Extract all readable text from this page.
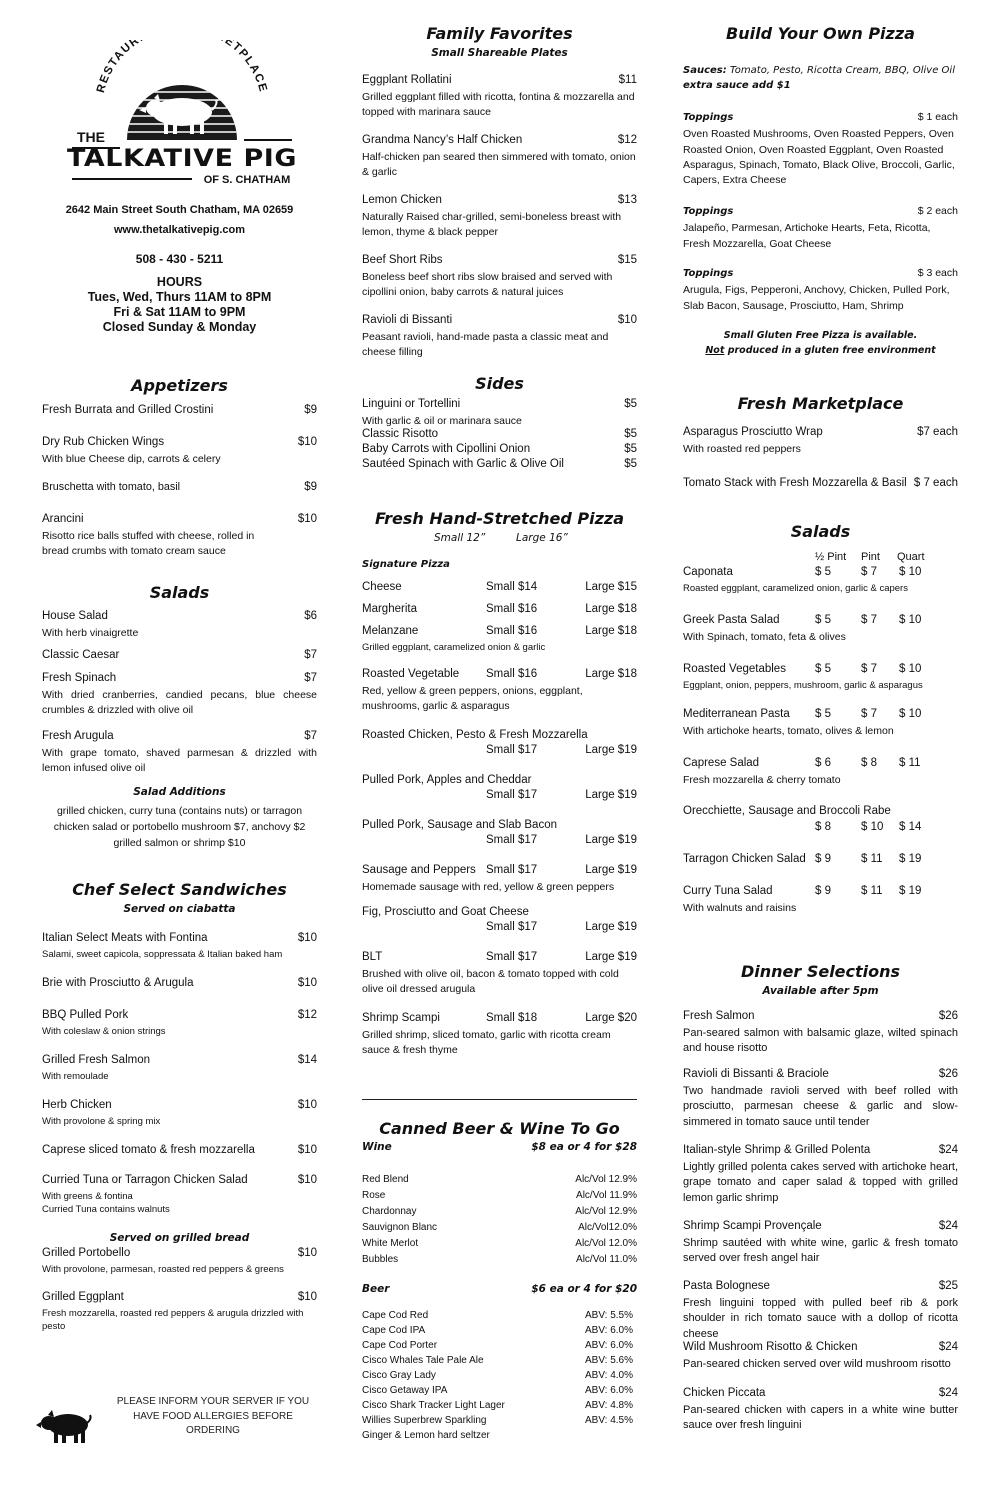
RESTAUR ETPLACE
THE
TALKATIVE PIG
OF S. CHATHAM
2642 Main Street South Chatham, MA 02659
www.thetalkativepig.com
508 - 430 - 5211
HOURS
Tues, Wed, Thurs 11AM to 8PM
Fri & Sat 11AM to 9PM
Closed Sunday & Monday
Appetizers
Fresh Burrata and Grilled Crostini	$9
Dry Rub Chicken Wings	$10
With blue Cheese dip, carrots & celery
Bruschetta with tomato, basil	$9
Arancini	$10
Risotto rice balls stuffed with cheese, rolled in bread crumbs with tomato cream sauce
Salads
House Salad	$6
With herb vinaigrette
Classic Caesar	$7
Fresh Spinach	$7
With dried cranberries, candied pecans, blue cheese crumbles & drizzled with olive oil
Fresh Arugula	$7
With grape tomato, shaved parmesan & drizzled with lemon infused olive oil
Salad Additions
grilled chicken, curry tuna (contains nuts) or tarragon chicken salad or portobello mushroom $7, anchovy $2 grilled salmon or shrimp $10
Chef Select Sandwiches
Served on ciabatta
Italian Select Meats with Fontina	$10
Salami, sweet capicola, soppressata & Italian baked ham
Brie with Prosciutto & Arugula	$10
BBQ Pulled Pork	$12
With coleslaw & onion strings
Grilled Fresh Salmon	$14
With remoulade
Herb Chicken	$10
With provolone & spring mix
Caprese sliced tomato & fresh mozzarella	$10
Curried Tuna or Tarragon Chicken Salad	$10
With greens & fontina
Curried Tuna contains walnuts
Served on grilled bread
Grilled Portobello	$10
With provolone, parmesan, roasted red peppers & greens
Grilled Eggplant	$10
Fresh mozzarella, roasted red peppers & arugula drizzled with pesto
PLEASE INFORM YOUR SERVER IF YOU HAVE FOOD ALLERGIES BEFORE ORDERING
Family Favorites
Small Shareable Plates
Eggplant Rollatini	$11
Grilled eggplant filled with ricotta, fontina & mozzarella and topped with marinara sauce
Grandma Nancy’s Half Chicken	$12
Half-chicken pan seared then simmered with tomato, onion & garlic
Lemon Chicken	$13
Naturally Raised char-grilled, semi-boneless breast with lemon, thyme & black pepper
Beef Short Ribs	$15
Boneless beef short ribs slow braised and served with cipollini onion, baby carrots & natural juices
Ravioli di Bissanti	$10
Peasant ravioli, hand-made pasta a classic meat and cheese filling
Sides
Linguini or Tortellini	$5
With garlic & oil or marinara sauce
Classic Risotto	$5
Baby Carrots with Cipollini Onion	$5
Sautéed Spinach with Garlic & Olive Oil	$5
Fresh Hand-Stretched Pizza
Small 12”	Large 16”
Signature Pizza
Cheese	Small $14	Large $15
Margherita	Small $16	Large $18
Melanzane	Small $16	Large $18
Grilled eggplant, caramelized onion & garlic
Roasted Vegetable Small $16	Large $18
Red, yellow & green peppers, onions, eggplant, mushrooms, garlic & asparagus
Roasted Chicken, Pesto & Fresh Mozzarella
Small $17	Large $19
Pulled Pork, Apples and Cheddar
Small $17	Large $19
Pulled Pork, Sausage and Slab Bacon
Small $17	Large $19
Sausage and Peppers Small $17	Large $19
Homemade sausage with red, yellow & green peppers
Fig, Prosciutto and Goat Cheese
Small $17	Large $19
BLT	Small $17	Large $19
Brushed with olive oil, bacon & tomato topped with cold olive oil dressed arugula
Shrimp Scampi	Small $18	Large $20
Grilled shrimp, sliced tomato, garlic with ricotta cream sauce & fresh thyme
Canned Beer & Wine To Go
Wine	$8 ea or 4 for $28
Red Blend	Alc/Vol 12.9%
Rose	Alc/Vol 11.9%
Chardonnay	Alc/Vol 12.9%
Sauvignon Blanc	Alc/Vol12.0%
White Merlot	Alc/Vol 12.0%
Bubbles	Alc/Vol 11.0%
Beer	$6 ea or 4 for $20
Cape Cod Red	ABV: 5.5%
Cape Cod IPA	ABV: 6.0%
Cape Cod Porter	ABV: 6.0%
Cisco Whales Tale Pale Ale	ABV: 5.6%
Cisco Gray Lady	ABV: 4.0%
Cisco Getaway IPA	ABV: 6.0%
Cisco Shark Tracker Light Lager	ABV: 4.8%
Willies Superbrew Sparkling	ABV: 4.5%
Ginger & Lemon hard seltzer
Build Your Own Pizza
Sauces: Tomato, Pesto, Ricotta Cream, BBQ, Olive Oil
extra sauce add $1
Toppings	$ 1 each
Oven Roasted Mushrooms, Oven Roasted Peppers, Oven Roasted Onion, Oven Roasted Eggplant, Oven Roasted Asparagus, Spinach, Tomato, Black Olive, Broccoli, Garlic, Capers, Extra Cheese
Toppings	$ 2 each
Jalapeño, Parmesan, Artichoke Hearts, Feta, Ricotta, Fresh Mozzarella, Goat Cheese
Toppings	$ 3 each
Arugula, Figs, Pepperoni, Anchovy, Chicken, Pulled Pork, Slab Bacon, Sausage, Prosciutto, Ham, Shrimp
Small Gluten Free Pizza is available.
Not produced in a gluten free environment
Fresh Marketplace
Asparagus Prosciutto Wrap	$7 each
With roasted red peppers
Tomato Stack with Fresh Mozzarella & Basil $ 7 each
Salads
½ Pint Pint Quart
Caponata	$ 5	$ 7 $ 10
Roasted eggplant, caramelized onion, garlic & capers
Greek Pasta Salad	$ 5	$ 7 $ 10
With Spinach, tomato, feta & olives
Roasted Vegetables	$ 5	$ 7 $ 10
Eggplant, onion, peppers, mushroom, garlic & asparagus
Mediterranean Pasta $ 5	$ 7 $ 10
With artichoke hearts, tomato, olives & lemon
Caprese Salad	$ 6	$ 8 $ 11
Fresh mozzarella & cherry tomato
Orecchiette, Sausage and Broccoli Rabe
$ 8	$ 10 $ 14
Tarragon Chicken Salad $ 9	$ 11 $ 19
Curry Tuna Salad	$ 9	$ 11 $ 19
With walnuts and raisins
Dinner Selections
Available after 5pm
Fresh Salmon	$26
Pan-seared salmon with balsamic glaze, wilted spinach and house risotto
Ravioli di Bissanti & Braciole	$26
Two handmade ravioli served with beef rolled with prosciutto, parmesan cheese & garlic and slow-simmered in tomato sauce until tender
Italian-style Shrimp & Grilled Polenta	$24
Lightly grilled polenta cakes served with artichoke heart, grape tomato and caper salad & topped with grilled lemon garlic shrimp
Shrimp Scampi Provençale	$24
Shrimp sautéed with white wine, garlic & fresh tomato served over fresh angel hair
Pasta Bolognese	$25
Fresh linguini topped with pulled beef rib & pork shoulder in rich tomato sauce with a dollop of ricotta cheese
Wild Mushroom Risotto & Chicken	$24
Pan-seared chicken served over wild mushroom risotto
Chicken Piccata	$24
Pan-seared chicken with capers in a white wine butter sauce over fresh linguini
